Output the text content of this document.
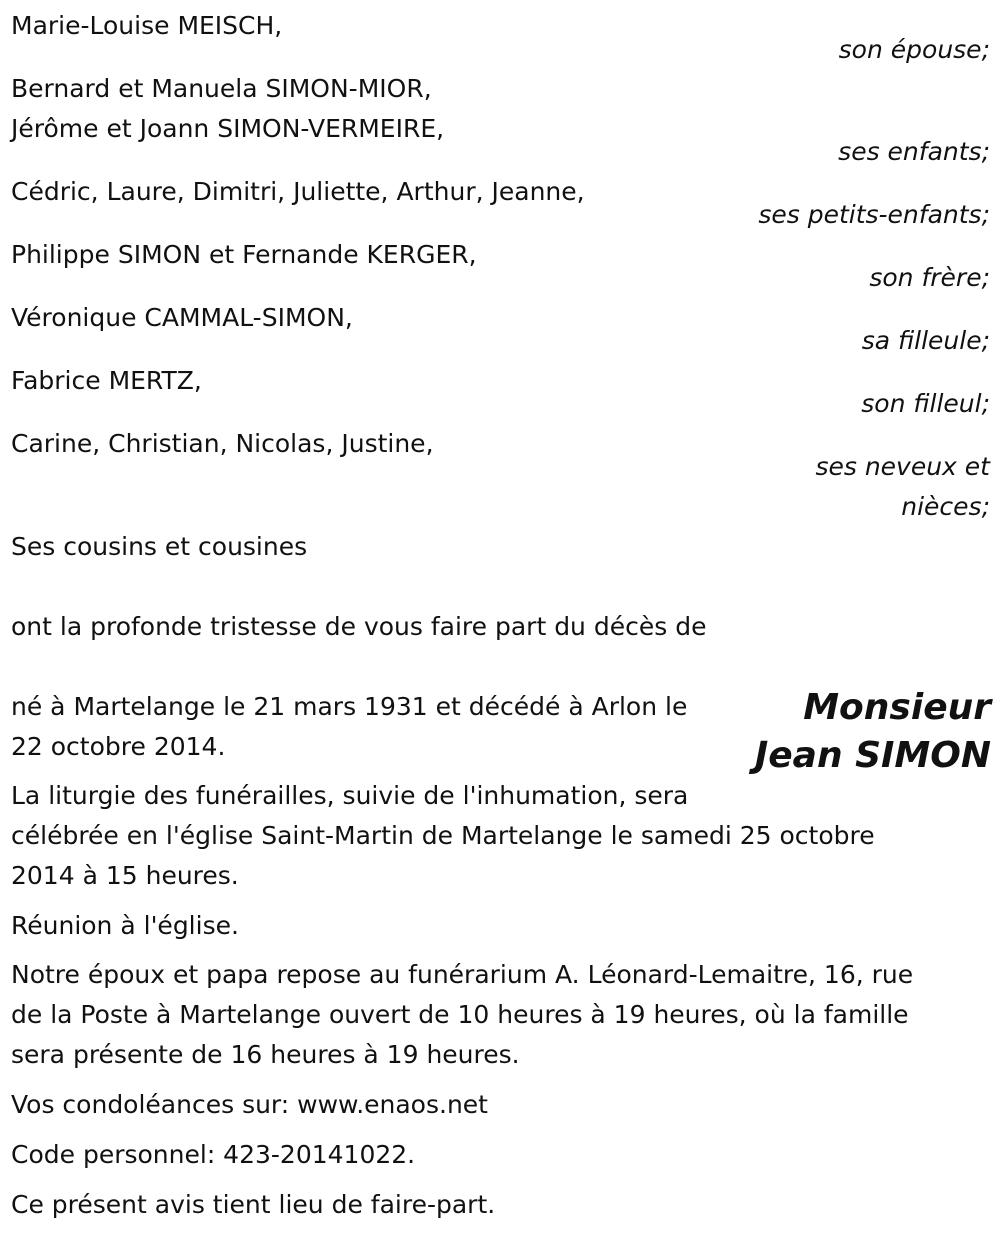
Marie-Louise MEISCH,
son épouse;
Bernard et Manuela SIMON-MIOR,
Jérôme et Joann SIMON-VERMEIRE,
ses enfants;
Cédric, Laure, Dimitri, Juliette, Arthur, Jeanne,
ses petits-enfants;
Philippe SIMON et Fernande KERGER,
son frère;
Véronique CAMMAL-SIMON,
sa filleule;
Fabrice MERTZ,
son filleul;
Carine, Christian, Nicolas, Justine,
ses neveux et
nièces;
Ses cousins et cousines
ont la profonde tristesse de vous faire part du décès de
Monsieur
Jean SIMON
né à Martelange le 21 mars 1931 et décédé à Arlon le
22 octobre 2014.
La liturgie des funérailles, suivie de l'inhumation, sera
célébrée en l'église Saint-Martin de Martelange le samedi 25 octobre
2014 à 15 heures.
Réunion à l'église.
Notre époux et papa repose au funérarium A. Léonard-Lemaitre, 16, rue
de la Poste à Martelange ouvert de 10 heures à 19 heures, où la famille
sera présente de 16 heures à 19 heures.
Vos condoléances sur: www.enaos.net
Code personnel: 423-20141022.
Ce présent avis tient lieu de faire-part.
